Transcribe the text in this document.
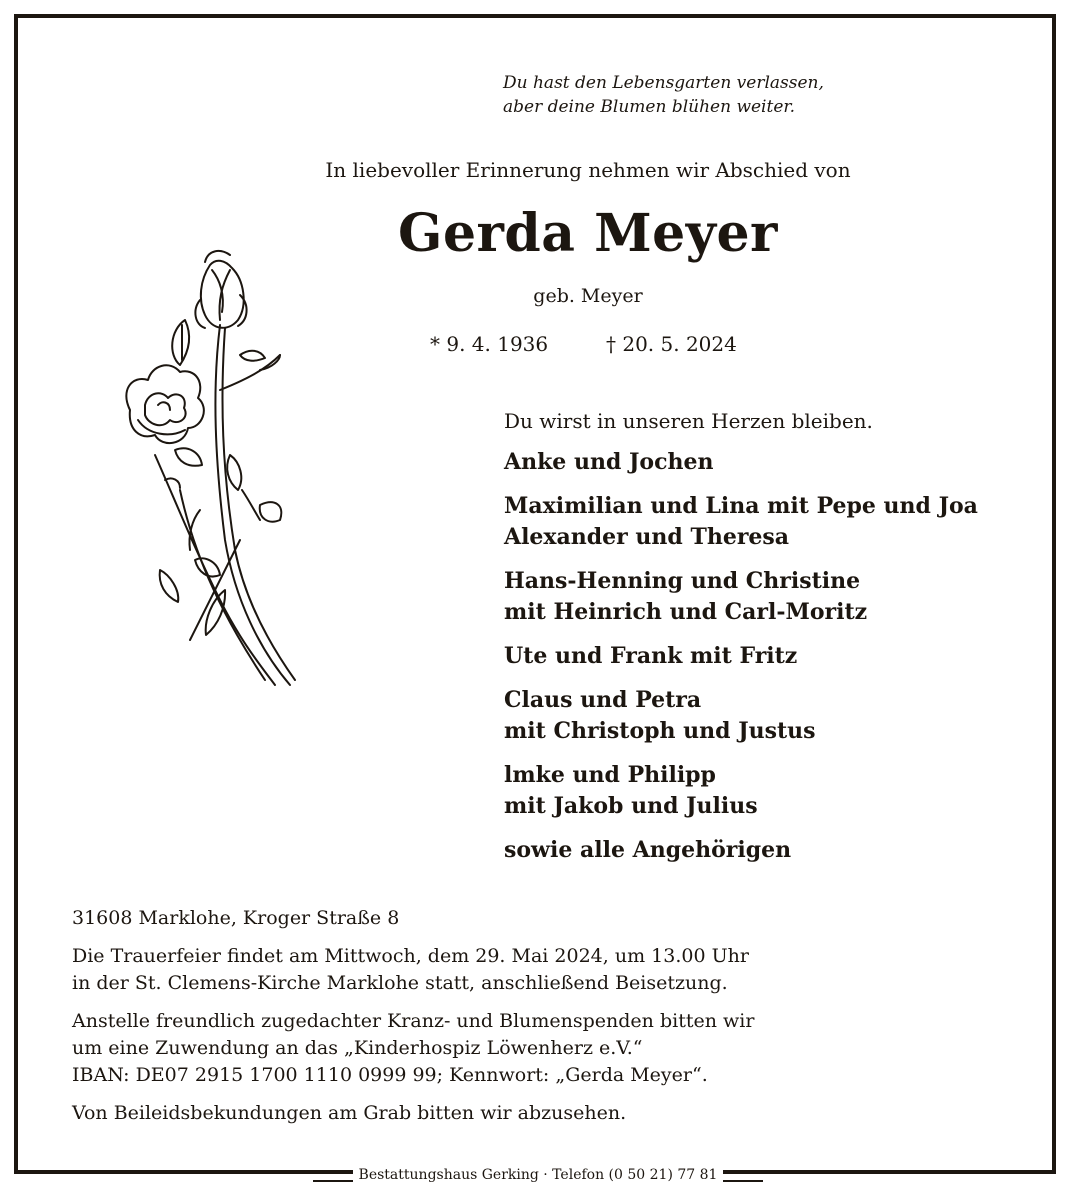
Du hast den Lebensgarten verlassen,
aber deine Blumen blühen weiter.
In liebevoller Erinnerung nehmen wir Abschied von
Gerda Meyer
geb. Meyer
* 9. 4. 1936	† 20. 5. 2024
Du wirst in unseren Herzen bleiben.
Anke und Jochen
Maximilian und Lina mit Pepe und Joa
Alexander und Theresa
Hans-Henning und Christine
mit Heinrich und Carl-Moritz
Ute und Frank mit Fritz
Claus und Petra
mit Christoph und Justus
lmke und Philipp
mit Jakob und Julius
sowie alle Angehörigen
31608 Marklohe, Kroger Straße 8
Die Trauerfeier findet am Mittwoch, dem 29. Mai 2024, um 13.00 Uhr
in der St. Clemens-Kirche Marklohe statt, anschließend Beisetzung.
Anstelle freundlich zugedachter Kranz- und Blumenspenden bitten wir
um eine Zuwendung an das „Kinderhospiz Löwenherz e.V.“
IBAN: DE07 2915 1700 1110 0999 99; Kennwort: „Gerda Meyer“.
Von Beileidsbekundungen am Grab bitten wir abzusehen.
Bestattungshaus Gerking · Telefon (0 50 21) 77 81
